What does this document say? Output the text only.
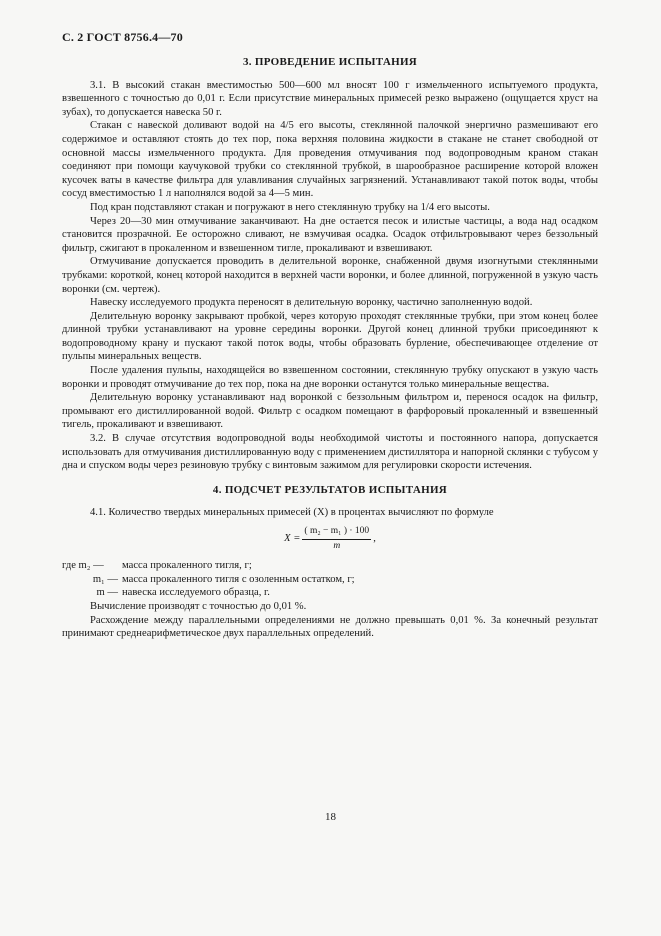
С. 2 ГОСТ 8756.4—70
3. ПРОВЕДЕНИЕ ИСПЫТАНИЯ

3.1. В высокий стакан вместимостью 500—600 мл вносят 100 г измельченного испытуемого продукта, взвешенного с точностью до 0,01 г. Если присутствие минеральных примесей резко выражено (ощущается хруст на зубах), то допускается навеска 50 г.

Стакан с навеской доливают водой на 4/5 его высоты, стеклянной палочкой энергично размешивают его содержимое и оставляют стоять до тех пор, пока верхняя половина жидкости в стакане не станет свободной от основной массы измельченного продукта. Для проведения отмучивания под водопроводным краном стакан соединяют при помощи каучуковой трубки со стеклянной трубкой, в шарообразное расширение которой вложен кусочек ваты в качестве фильтра для улавливания случайных загрязнений. Устанавливают такой поток воды, чтобы сосуд вместимостью 1 л наполнялся водой за 4—5 мин.

Под кран подставляют стакан и погружают в него стеклянную трубку на 1/4 его высоты.

Через 20—30 мин отмучивание заканчивают. На дне остается песок и илистые частицы, а вода над осадком становится прозрачной. Ее осторожно сливают, не взмучивая осадка. Осадок отфильтровывают через беззольный фильтр, сжигают в прокаленном и взвешенном тигле, прокаливают и взвешивают.

Отмучивание допускается проводить в делительной воронке, снабженной двумя изогнутыми стеклянными трубками: короткой, конец которой находится в верхней части воронки, и более длинной, погруженной в узкую часть воронки (см. чертеж).

Навеску исследуемого продукта переносят в делительную воронку, частично заполненную водой.

Делительную воронку закрывают пробкой, через которую проходят стеклянные трубки, при этом конец более длинной трубки устанавливают на уровне середины воронки. Другой конец длинной трубки присоединяют к водопроводному крану и пускают такой поток воды, чтобы образовать бурление, обеспечивающее отделение от пульпы минеральных веществ.

После удаления пульпы, находящейся во взвешенном состоянии, стеклянную трубку опускают в узкую часть воронки и проводят отмучивание до тех пор, пока на дне воронки останутся только минеральные вещества.

Делительную воронку устанавливают над воронкой с беззольным фильтром и, перенося осадок на фильтр, промывают его дистиллированной водой. Фильтр с осадком помещают в фарфоровый прокаленный и взвешенный тигель, прокаливают и взвешивают.

3.2. В случае отсутствия водопроводной воды необходимой чистоты и постоянного напора, допускается использовать для отмучивания дистиллированную воду с применением дистиллятора и напорной склянки с тубусом у дна и спуском воды через резиновую трубку с винтовым зажимом для регулировки скорости истечения.

4. ПОДСЧЕТ РЕЗУЛЬТАТОВ ИСПЫТАНИЯ

4.1. Количество твердых минеральных примесей (X) в процентах вычисляют по формуле

X =	( m₂ − m₁ ) · 100	,
m
где m₂ —	масса прокаленного тигля, г;
m₁ — масса прокаленного тигля с озоленным остатком, г;
m — навеска исследуемого образца, г.

Вычисление производят с точностью до 0,01 %.

Расхождение между параллельными определениями не должно превышать 0,01 %. За конечный результат принимают среднеарифметическое двух параллельных определений.

18
